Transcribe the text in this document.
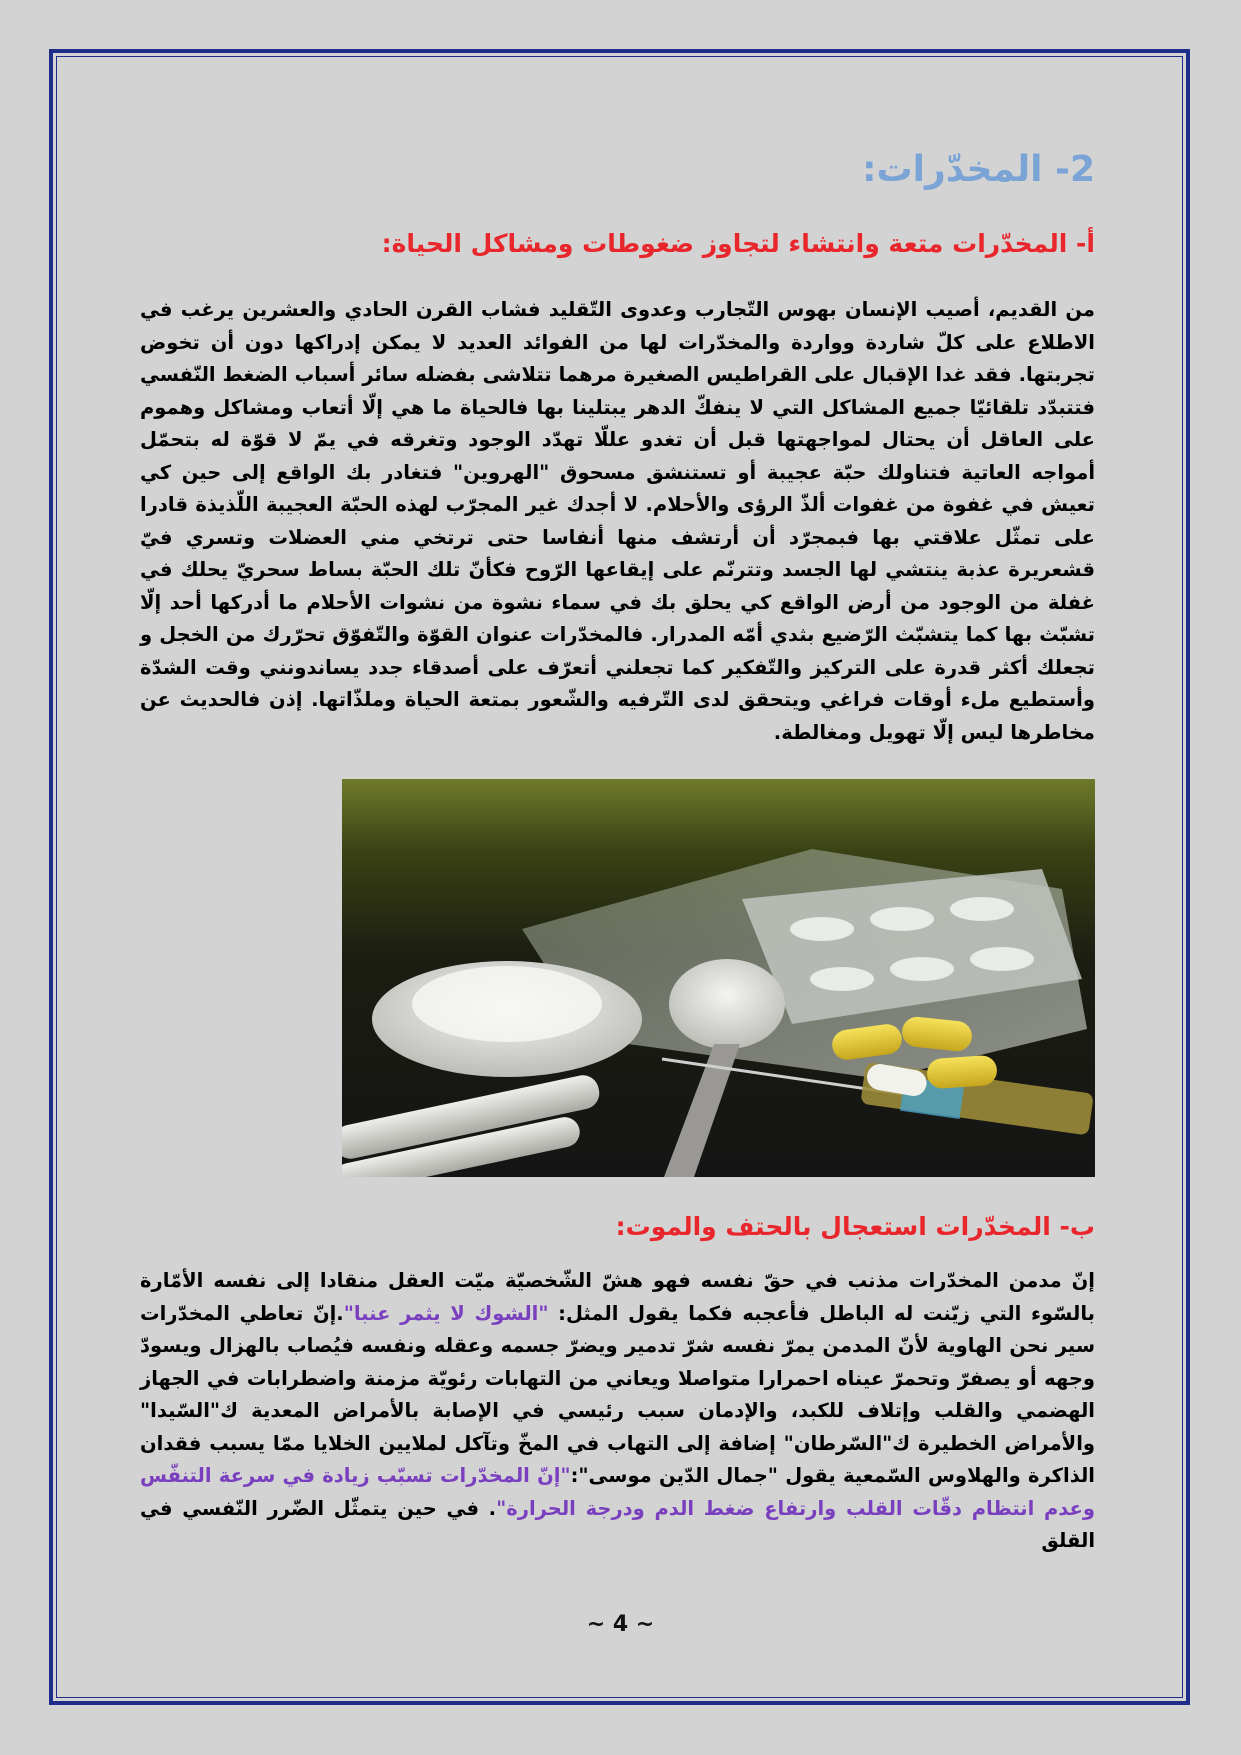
2- المخدّرات:
أ- المخدّرات متعة وانتشاء لتجاوز ضغوطات ومشاكل الحياة:

من القديم، أصيب الإنسان بهوس التّجارب وعدوى التّقليد فشاب القرن الحادي والعشرين يرغب في الاطلاع على كلّ شاردة وواردة والمخدّرات لها من الفوائد العديد لا يمكن إدراكها دون أن تخوض تجربتها. فقد غدا الإقبال على القراطيس الصغيرة مرهما تتلاشى بفضله سائر أسباب الضغط النّفسي فتتبدّد تلقائيّا جميع المشاكل التي لا ينفكّ الدهر يبتلينا بها فالحياة ما هي إلّا أتعاب ومشاكل وهموم على العاقل أن يحتال لمواجهتها قبل أن تغدو عللّا تهدّد الوجود وتغرقه في يمّ لا قوّة له بتحمّل أمواجه العاتية فتناولك حبّة عجيبة أو تستنشق مسحوق "الهروين" فتغادر بك الواقع إلى حين كي تعيش في غفوة من غفوات ألذّ الرؤى والأحلام. لا أجدك غير المجرّب لهذه الحبّة العجيبة اللّذيذة قادرا على تمثّل علاقتي بها فبمجرّد أن أرتشف منها أنفاسا حتى ترتخي مني العضلات وتسري فيّ قشعريرة عذبة ينتشي لها الجسد وتترنّم على إيقاعها الرّوح فكأنّ تلك الحبّة بساط سحريّ يحلك في غفلة من الوجود من أرض الواقع كي يحلق بك في سماء نشوة من نشوات الأحلام ما أدركها أحد إلّا تشبّث بها كما يتشبّث الرّضيع بثدي أمّه المدرار. فالمخدّرات عنوان القوّة والتّفوّق تحرّرك من الخجل و تجعلك أكثر قدرة على التركيز والتّفكير كما تجعلني أتعرّف على أصدقاء جدد يساندونني وقت الشدّة وأستطيع ملء أوقات فراغي ويتحقق لدى التّرفيه والشّعور بمتعة الحياة وملذّاتها. إذن فالحديث عن مخاطرها ليس إلّا تهويل ومغالطة.

ب- المخدّرات استعجال بالحتف والموت:

إنّ مدمن المخدّرات مذنب في حقّ نفسه فهو هشّ الشّخصيّة ميّت العقل منقادا إلى نفسه الأمّارة بالسّوء التي زيّنت له الباطل فأعجبه فكما يقول المثل: "الشوك لا يثمر عنبا".إنّ تعاطي المخدّرات سير نحن الهاوية لأنّ المدمن يمرّ نفسه شرّ تدمير ويضرّ جسمه وعقله ونفسه فيُصاب بالهزال ويسودّ وجهه أو يصفرّ وتحمرّ عيناه احمرارا متواصلا ويعاني من التهابات رئويّة مزمنة واضطرابات في الجهاز الهضمي والقلب وإتلاف للكبد، والإدمان سبب رئيسي في الإصابة بالأمراض المعدية ك"السّيدا" والأمراض الخطيرة ك"السّرطان" إضافة إلى التهاب في المخّ وتآكل لملايين الخلايا ممّا يسبب فقدان الذاكرة والهلاوس السّمعية يقول "جمال الدّين موسى":"إنّ المخدّرات تسبّب زيادة في سرعة التنفّس وعدم انتظام دقّات القلب وارتفاع ضغط الدم ودرجة الحرارة". في حين يتمثّل الضّرر النّفسي في القلق

~ 4 ~
